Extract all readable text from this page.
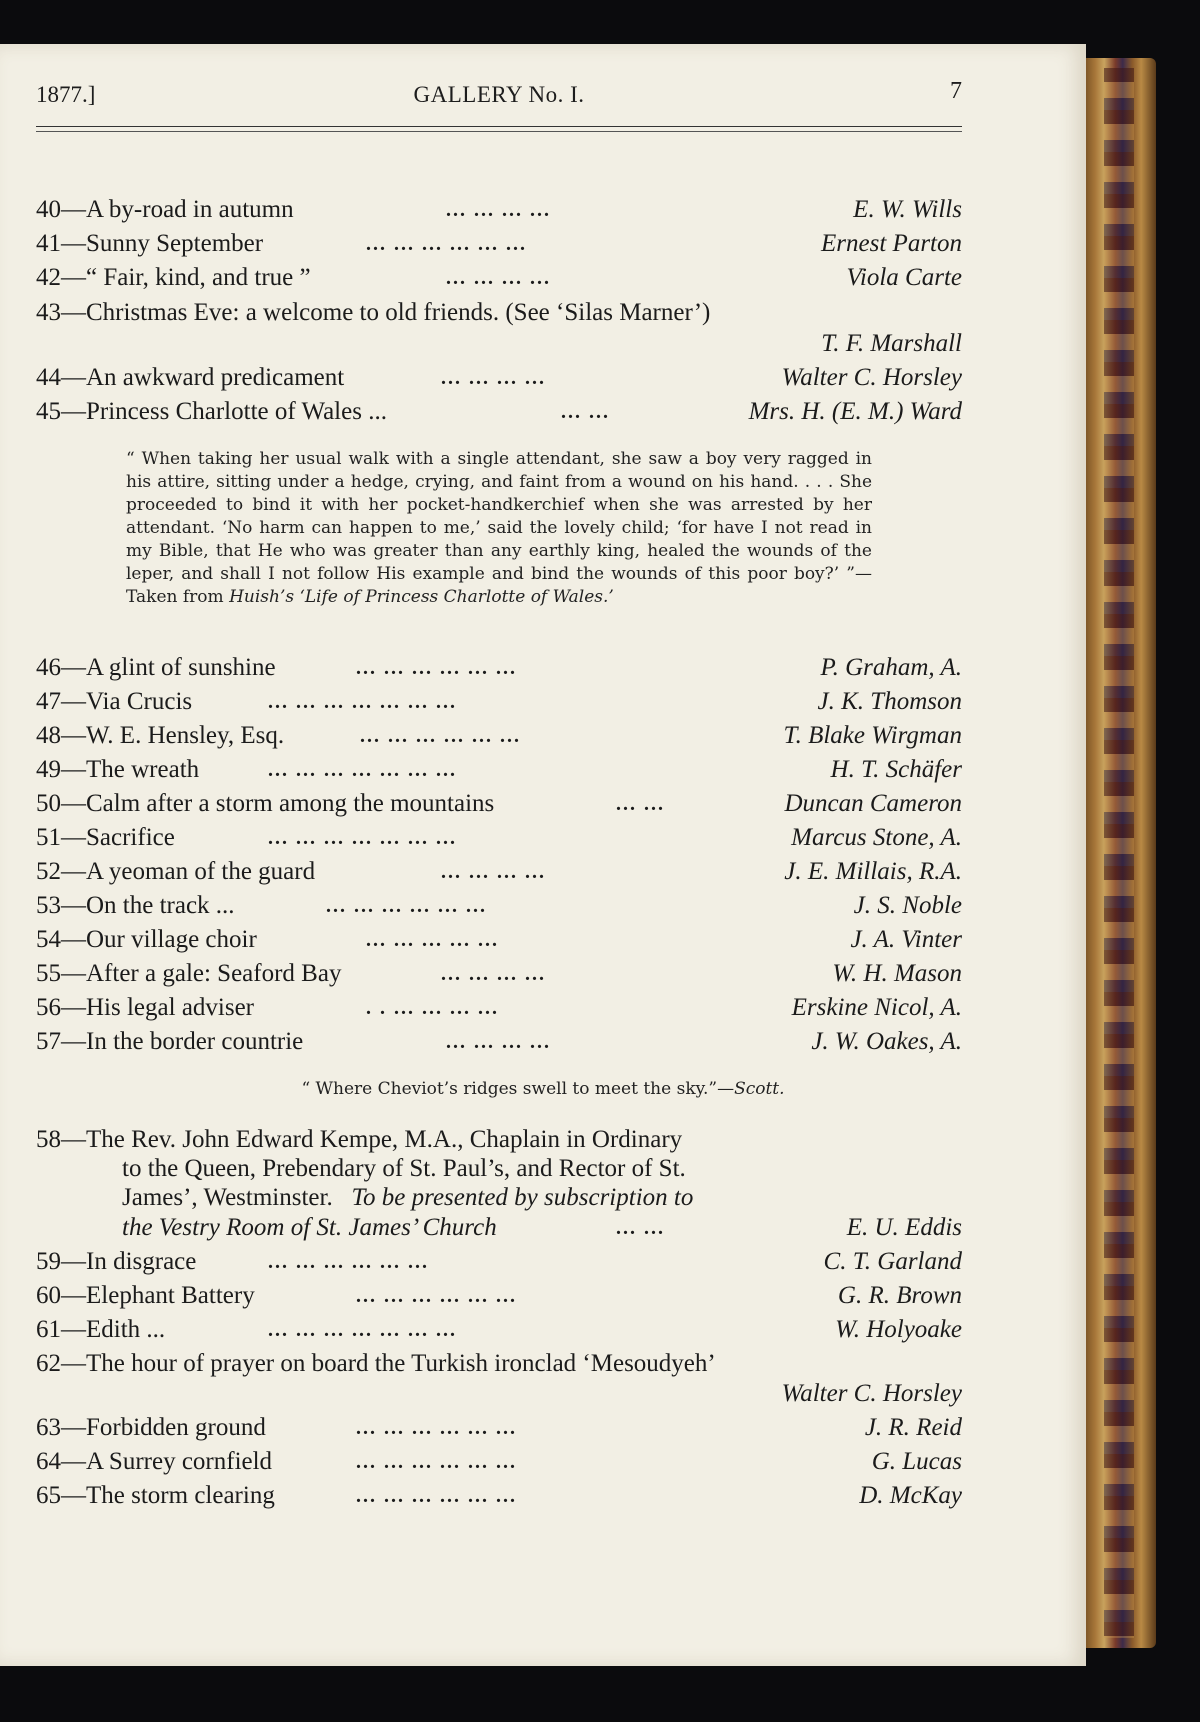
1877.]	GALLERY No. I.	7
40—A by-road in autumn	... ... ... ...	E. W. Wills
41—Sunny September	... ... ... ... ... ...	Ernest Parton
42—“ Fair, kind, and true ”	... ... ... ...	Viola Carte
43—Christmas Eve: a welcome to old friends. (See ‘Silas Marner’)
T. F. Marshall
44—An awkward predicament	... ... ... ...	Walter C. Horsley
45—Princess Charlotte of Wales ...	... ...	Mrs. H. (E. M.) Ward
“ When taking her usual walk with a single attendant, she saw a boy very ragged in his attire, sitting under a hedge, crying, and faint from a wound on his hand. . . . She proceeded to bind it with her pocket-handkerchief when she was arrested by her attendant. ‘No harm can happen to me,’ said the lovely child; ‘for have I not read in my Bible, that He who was greater than any earthly king, healed the wounds of the leper, and shall I not follow His example and bind the wounds of this poor boy?’ ”—Taken from Huish’s ‘Life of Princess Charlotte of Wales.’
46—A glint of sunshine	... ... ... ... ... ...	P. Graham, A.
47—Via Crucis	... ... ... ... ... ... ...	J. K. Thomson
48—W. E. Hensley, Esq.	... ... ... ... ... ...	T. Blake Wirgman
49—The wreath	... ... ... ... ... ... ...	H. T. Schäfer
50—Calm after a storm among the mountains	... ...	Duncan Cameron
51—Sacrifice	... ... ... ... ... ... ...	Marcus Stone, A.
52—A yeoman of the guard	... ... ... ...	J. E. Millais, R.A.
53—On the track ...	... ... ... ... ... ...	J. S. Noble
54—Our village choir	... ... ... ... ...	J. A. Vinter
55—After a gale: Seaford Bay	... ... ... ...	W. H. Mason
56—His legal adviser	. . ... ... ... ...	Erskine Nicol, A.
57—In the border countrie	... ... ... ...	J. W. Oakes, A.
“ Where Cheviot’s ridges swell to meet the sky.”—Scott.
58—The Rev. John Edward Kempe, M.A., Chaplain in Ordinary
to the Queen, Prebendary of St. Paul’s, and Rector of St.
James’, Westminster. To be presented by subscription to
the Vestry Room of St. James’ Church	... ...	E. U. Eddis
59—In disgrace	... ... ... ... ... ...	C. T. Garland
60—Elephant Battery	... ... ... ... ... ...	G. R. Brown
61—Edith ...	... ... ... ... ... ... ...	W. Holyoake
62—The hour of prayer on board the Turkish ironclad ‘Mesoudyeh’
Walter C. Horsley
63—Forbidden ground	... ... ... ... ... ...	J. R. Reid
64—A Surrey cornfield	... ... ... ... ... ...	G. Lucas
65—The storm clearing	... ... ... ... ... ...	D. McKay
